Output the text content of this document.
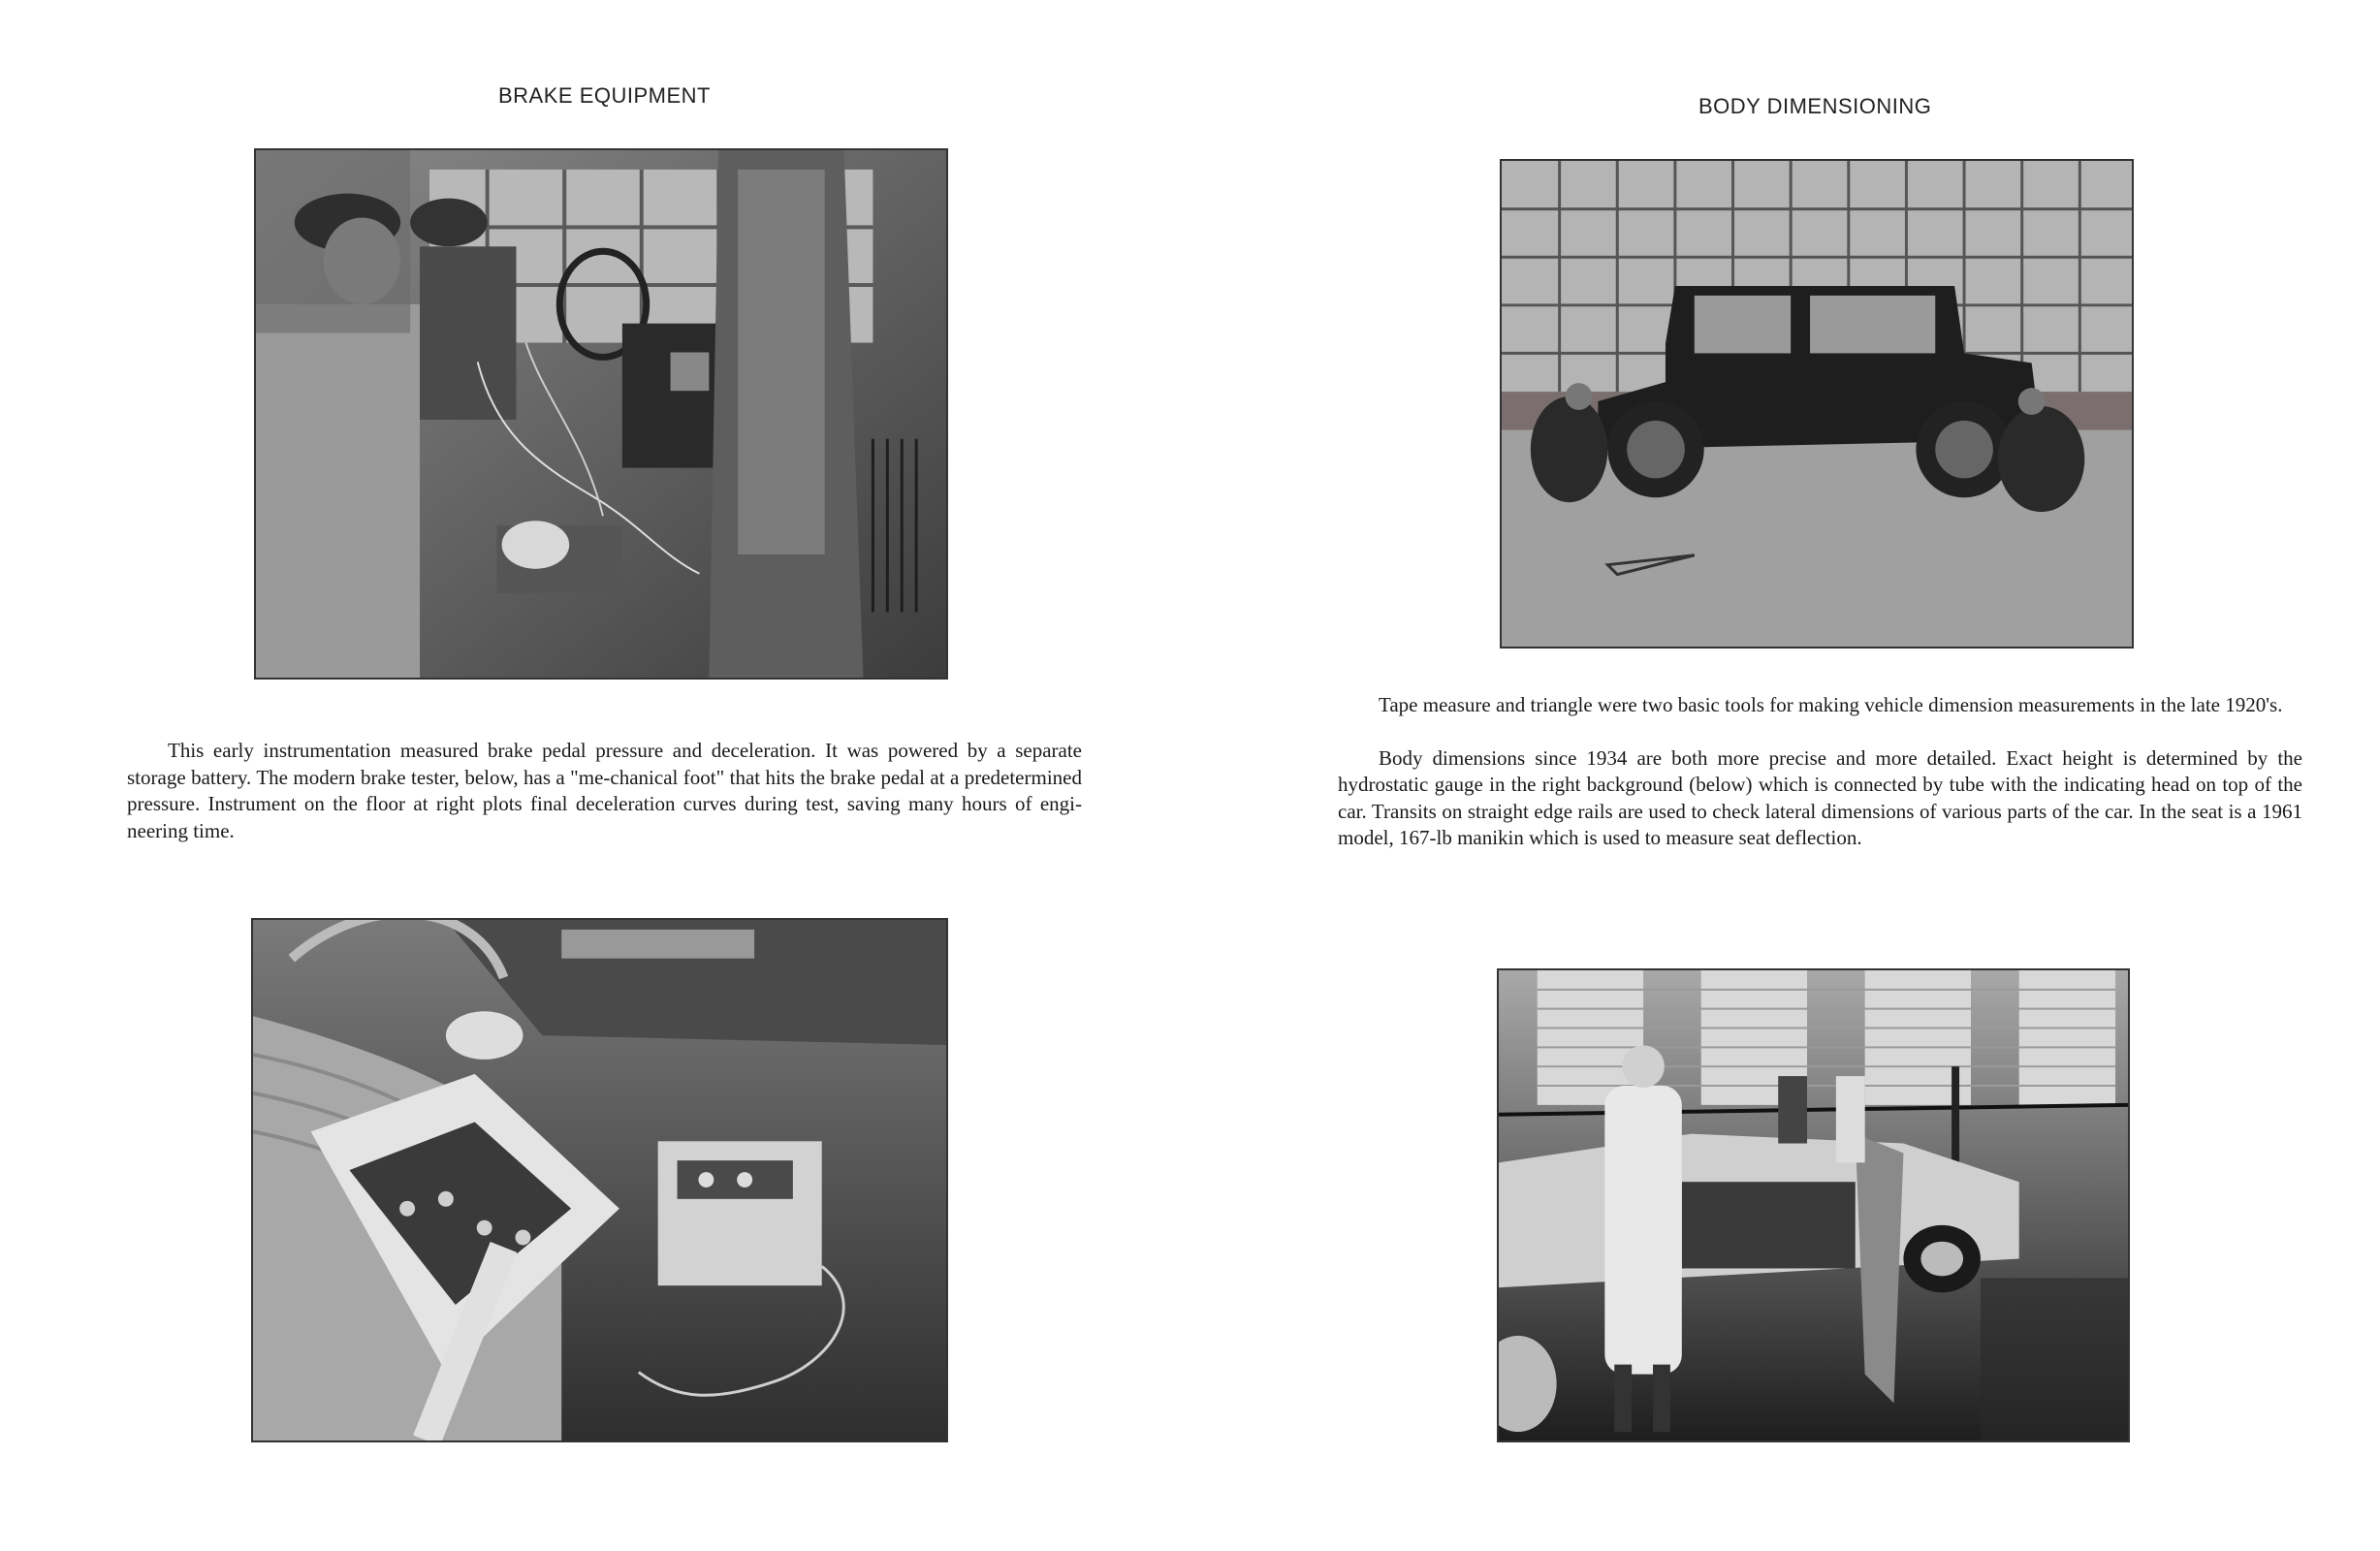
BRAKE EQUIPMENT

This early instrumentation measured brake pedal pressure and deceleration. It was powered by a separate storage battery. The modern brake tester, below, has a "me-chanical foot" that hits the brake pedal at a predetermined pressure. Instrument on the floor at right plots final deceleration curves during test, saving many hours of engi-neering time.

BODY DIMENSIONING

Tape measure and triangle were two basic tools for making vehicle dimension measurements in the late 1920's.

Body dimensions since 1934 are both more precise and more detailed. Exact height is determined by the hydrostatic gauge in the right background (below) which is connected by tube with the indicating head on top of the car. Transits on straight edge rails are used to check lateral dimensions of various parts of the car. In the seat is a 1961 model, 167-lb manikin which is used to measure seat deflection.
